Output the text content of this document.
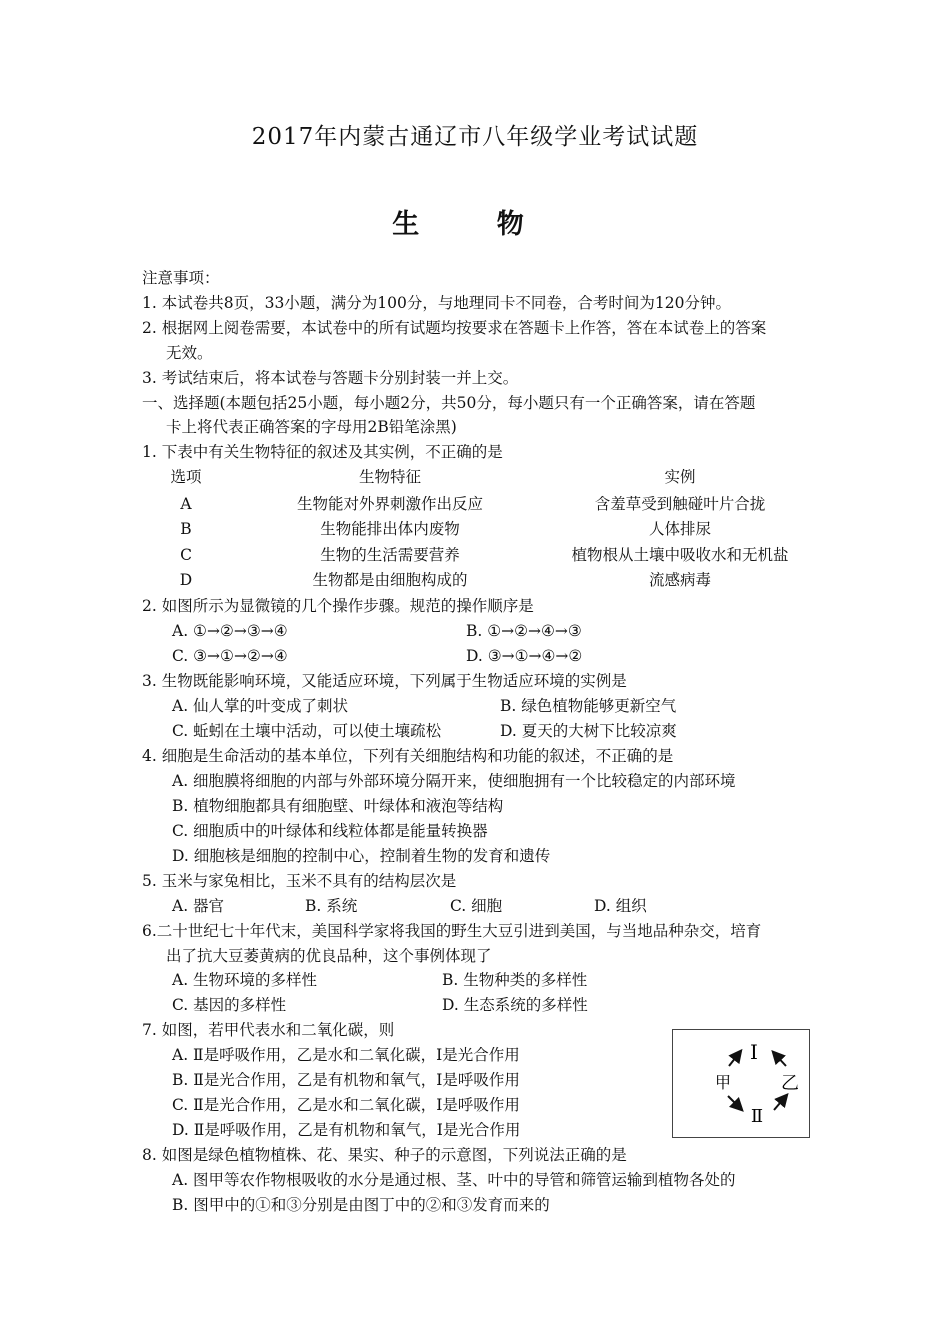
2017年内蒙古通辽市八年级学业考试试题
生 物
注意事项：
1. 本试卷共8页，33小题，满分为100分，与地理同卡不同卷，合考时间为120分钟。
2. 根据网上阅卷需要，本试卷中的所有试题均按要求在答题卡上作答，答在本试卷上的答案
无效。
3. 考试结束后，将本试卷与答题卡分别封装一并上交。
一、选择题(本题包括25小题，每小题2分，共50分，每小题只有一个正确答案，请在答题
卡上将代表正确答案的字母用2B铅笔涂黑)
1. 下表中有关生物特征的叙述及其实例，不正确的是
选项	生物特征	实例
A	生物能对外界刺激作出反应	含羞草受到触碰叶片合拢
B	生物能排出体内废物	人体排尿
C	生物的生活需要营养	植物根从土壤中吸收水和无机盐
D	生物都是由细胞构成的	流感病毒
2. 如图所示为显微镜的几个操作步骤。规范的操作顺序是
A. ①→②→③→④	B. ①→②→④→③
C. ③→①→②→④	D. ③→①→④→②
3. 生物既能影响环境，又能适应环境，下列属于生物适应环境的实例是
A. 仙人掌的叶变成了刺状	B. 绿色植物能够更新空气
C. 蚯蚓在土壤中活动，可以使土壤疏松	D. 夏天的大树下比较凉爽
4. 细胞是生命活动的基本单位，下列有关细胞结构和功能的叙述，不正确的是
A. 细胞膜将细胞的内部与外部环境分隔开来，使细胞拥有一个比较稳定的内部环境
B. 植物细胞都具有细胞壁、叶绿体和液泡等结构
C. 细胞质中的叶绿体和线粒体都是能量转换器
D. 细胞核是细胞的控制中心，控制着生物的发育和遗传
5. 玉米与家兔相比，玉米不具有的结构层次是
A. 器官	B. 系统	C. 细胞	D. 组织
6.二十世纪七十年代末，美国科学家将我国的野生大豆引进到美国，与当地品种杂交，培育
出了抗大豆萎黄病的优良品种，这个事例体现了
A. 生物环境的多样性	B. 生物种类的多样性
C. 基因的多样性	D. 生态系统的多样性
7. 如图，若甲代表水和二氧化碳，则
A. Ⅱ是呼吸作用，乙是水和二氧化碳，Ⅰ是光合作用
B. Ⅱ是光合作用，乙是有机物和氧气，Ⅰ是呼吸作用
C. Ⅱ是光合作用，乙是水和二氧化碳，Ⅰ是呼吸作用
D. Ⅱ是呼吸作用，乙是有机物和氧气，Ⅰ是光合作用
Ⅰ
甲	乙
Ⅱ
8. 如图是绿色植物植株、花、果实、种子的示意图，下列说法正确的是
A. 图甲等农作物根吸收的水分是通过根、茎、叶中的导管和筛管运输到植物各处的
B. 图甲中的①和③分别是由图丁中的②和③发育而来的
